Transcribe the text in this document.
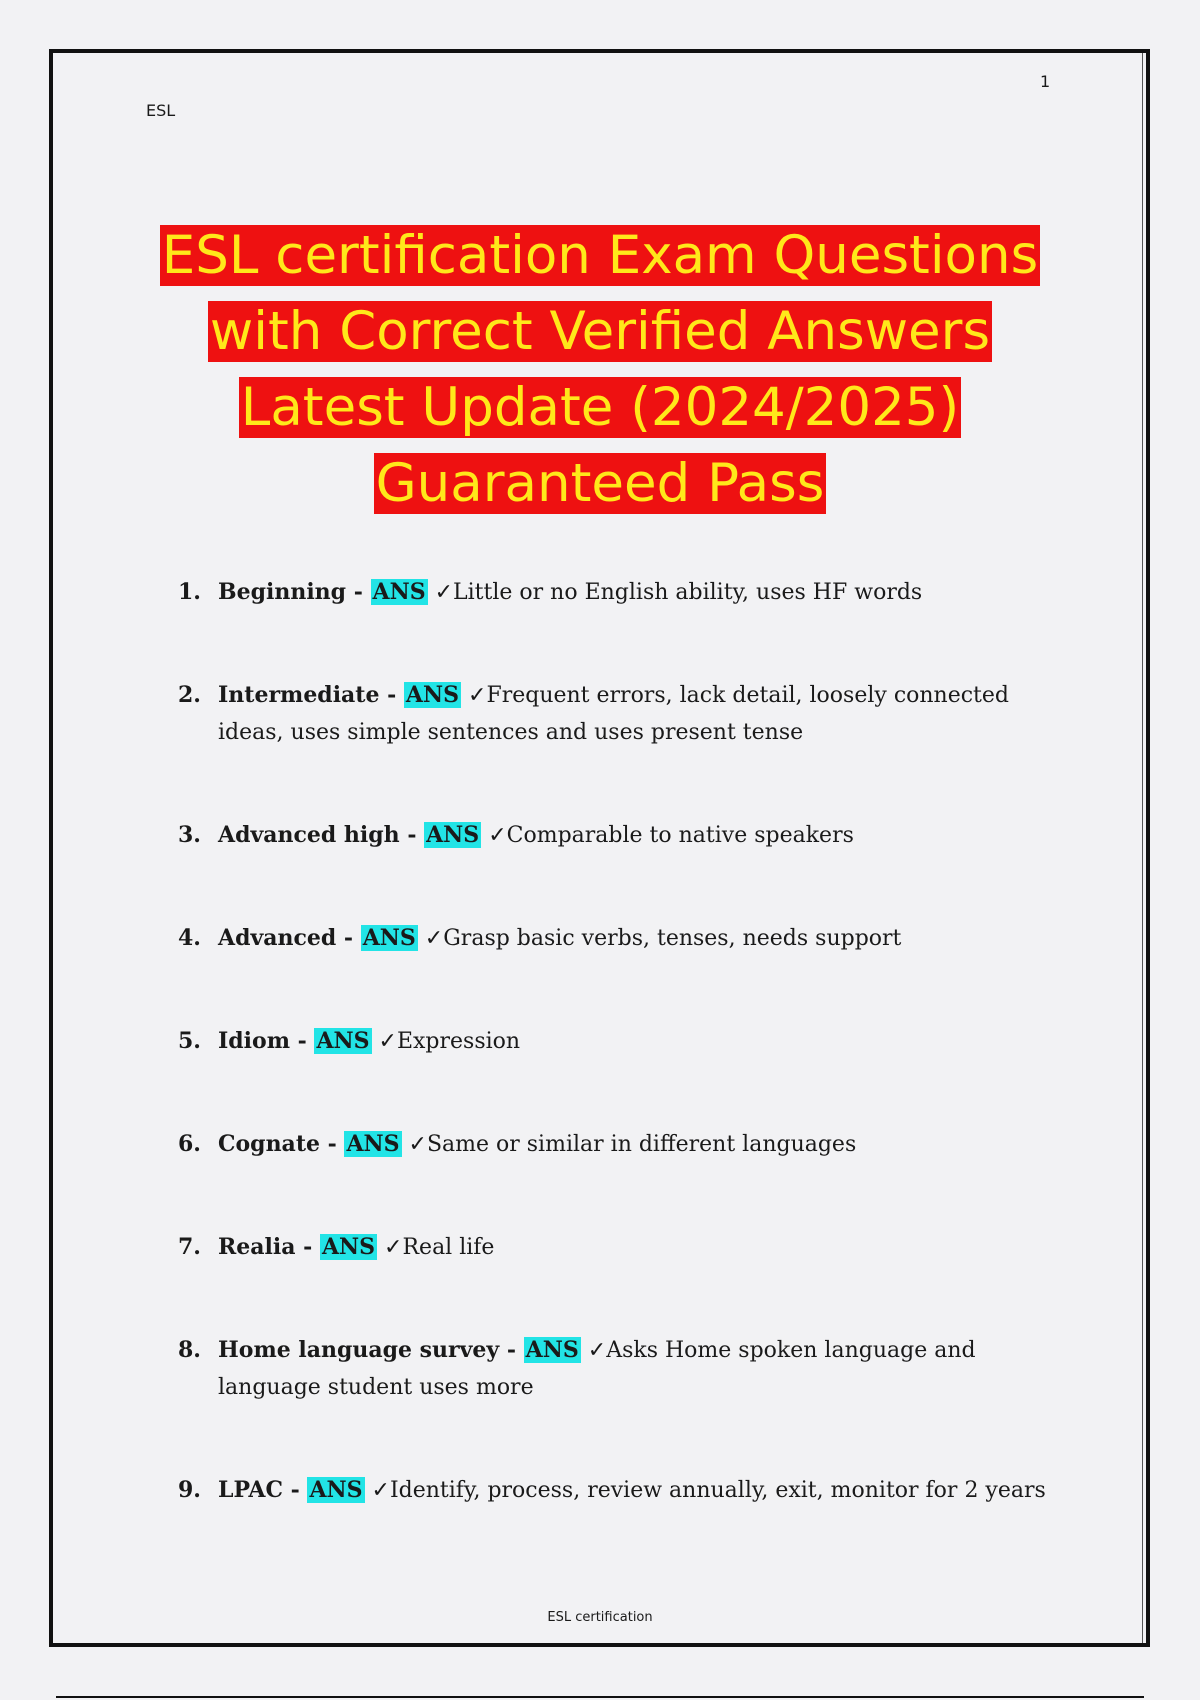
1
ESL
ESL certification Exam Questions
with Correct Verified Answers
Latest Update (2024/2025)
Guaranteed Pass
1. Beginning - ANS ✓Little or no English ability, uses HF words
2. Intermediate - ANS ✓Frequent errors, lack detail, loosely connected ideas, uses simple sentences and uses present tense
3. Advanced high - ANS ✓Comparable to native speakers
4. Advanced - ANS ✓Grasp basic verbs, tenses, needs support
5. Idiom - ANS ✓Expression
6. Cognate - ANS ✓Same or similar in different languages
7. Realia - ANS ✓Real life
8. Home language survey - ANS ✓Asks Home spoken language and language student uses more
9. LPAC - ANS ✓Identify, process, review annually, exit, monitor for 2 years
ESL certification
